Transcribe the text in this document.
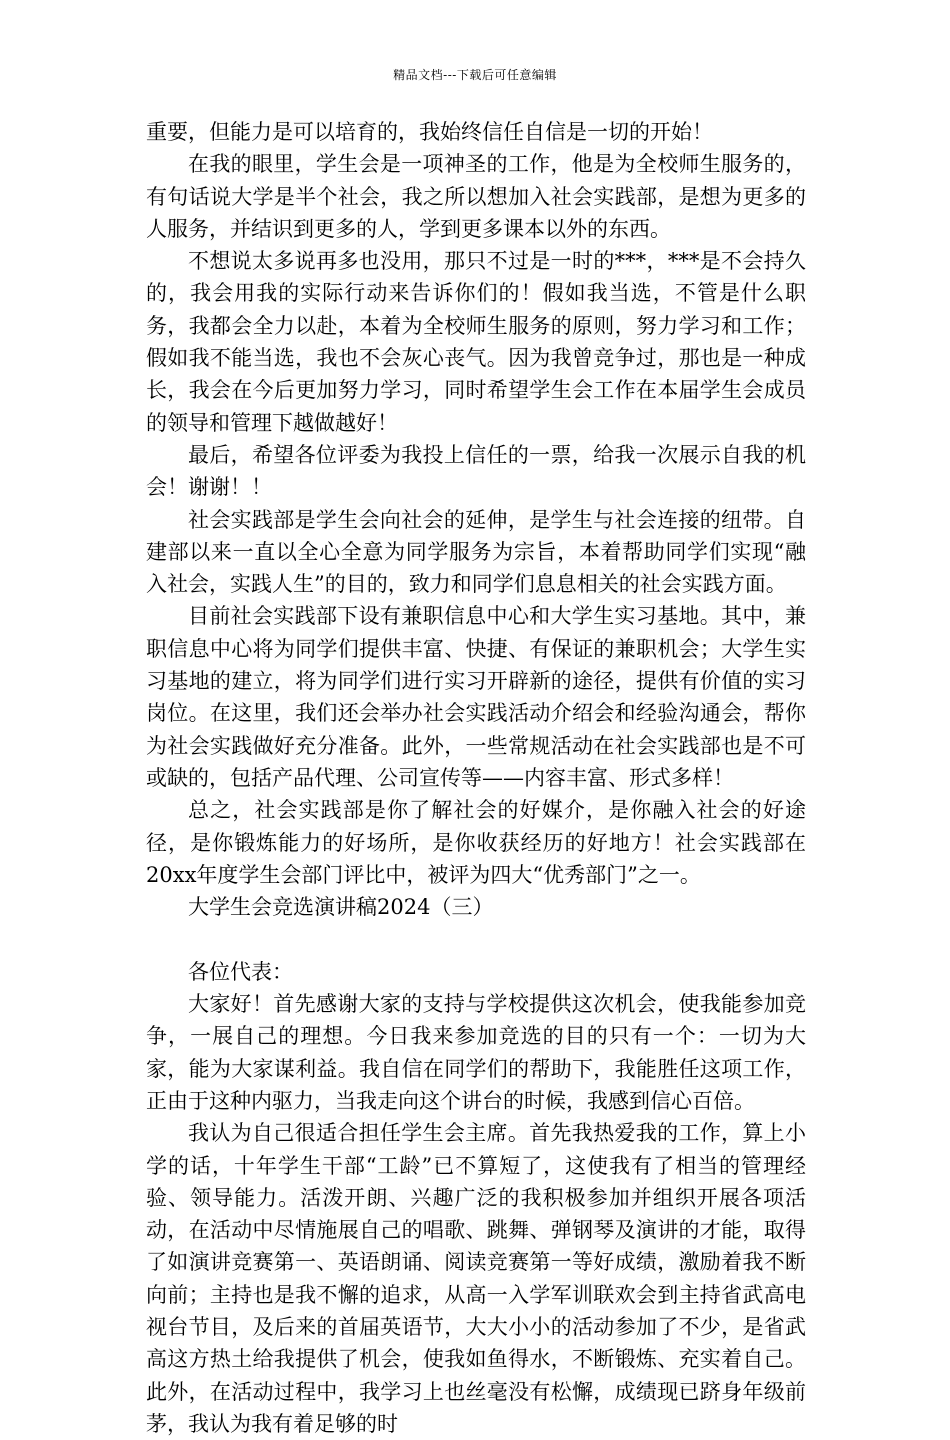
精品文档---下载后可任意编辑

重要，但能力是可以培育的，我始终信任自信是一切的开始！

在我的眼里，学生会是一项神圣的工作，他是为全校师生服务的，有句话说大学是半个社会，我之所以想加入社会实践部，是想为更多的人服务，并结识到更多的人，学到更多课本以外的东西。

不想说太多说再多也没用，那只不过是一时的***，***是不会持久的，我会用我的实际行动来告诉你们的！假如我当选，不管是什么职务，我都会全力以赴，本着为全校师生服务的原则，努力学习和工作；假如我不能当选，我也不会灰心丧气。因为我曾竞争过，那也是一种成长，我会在今后更加努力学习，同时希望学生会工作在本届学生会成员的领导和管理下越做越好！

最后，希望各位评委为我投上信任的一票，给我一次展示自我的机会！谢谢！！

社会实践部是学生会向社会的延伸，是学生与社会连接的纽带。自建部以来一直以全心全意为同学服务为宗旨，本着帮助同学们实现“融入社会，实践人生”的目的，致力和同学们息息相关的社会实践方面。

目前社会实践部下设有兼职信息中心和大学生实习基地。其中，兼职信息中心将为同学们提供丰富、快捷、有保证的兼职机会；大学生实习基地的建立，将为同学们进行实习开辟新的途径，提供有价值的实习岗位。在这里，我们还会举办社会实践活动介绍会和经验沟通会，帮你为社会实践做好充分准备。此外，一些常规活动在社会实践部也是不可或缺的，包括产品代理、公司宣传等——内容丰富、形式多样！

总之，社会实践部是你了解社会的好媒介，是你融入社会的好途径，是你锻炼能力的好场所，是你收获经历的好地方！社会实践部在20xx年度学生会部门评比中，被评为四大“优秀部门”之一。

大学生会竞选演讲稿2024（三）

各位代表：

大家好！首先感谢大家的支持与学校提供这次机会，使我能参加竞争，一展自己的理想。今日我来参加竞选的目的只有一个：一切为大家，能为大家谋利益。我自信在同学们的帮助下，我能胜任这项工作，正由于这种内驱力，当我走向这个讲台的时候，我感到信心百倍。

我认为自己很适合担任学生会主席。首先我热爱我的工作，算上小学的话，十年学生干部“工龄”已不算短了，这使我有了相当的管理经验、领导能力。活泼开朗、兴趣广泛的我积极参加并组织开展各项活动，在活动中尽情施展自己的唱歌、跳舞、弹钢琴及演讲的才能，取得了如演讲竞赛第一、英语朗诵、阅读竞赛第一等好成绩，激励着我不断向前；主持也是我不懈的追求，从高一入学军训联欢会到主持省武高电视台节目，及后来的首届英语节，大大小小的活动参加了不少，是省武高这方热土给我提供了机会，使我如鱼得水，不断锻炼、充实着自己。此外，在活动过程中，我学习上也丝毫没有松懈，成绩现已跻身年级前茅，我认为我有着足够的时
